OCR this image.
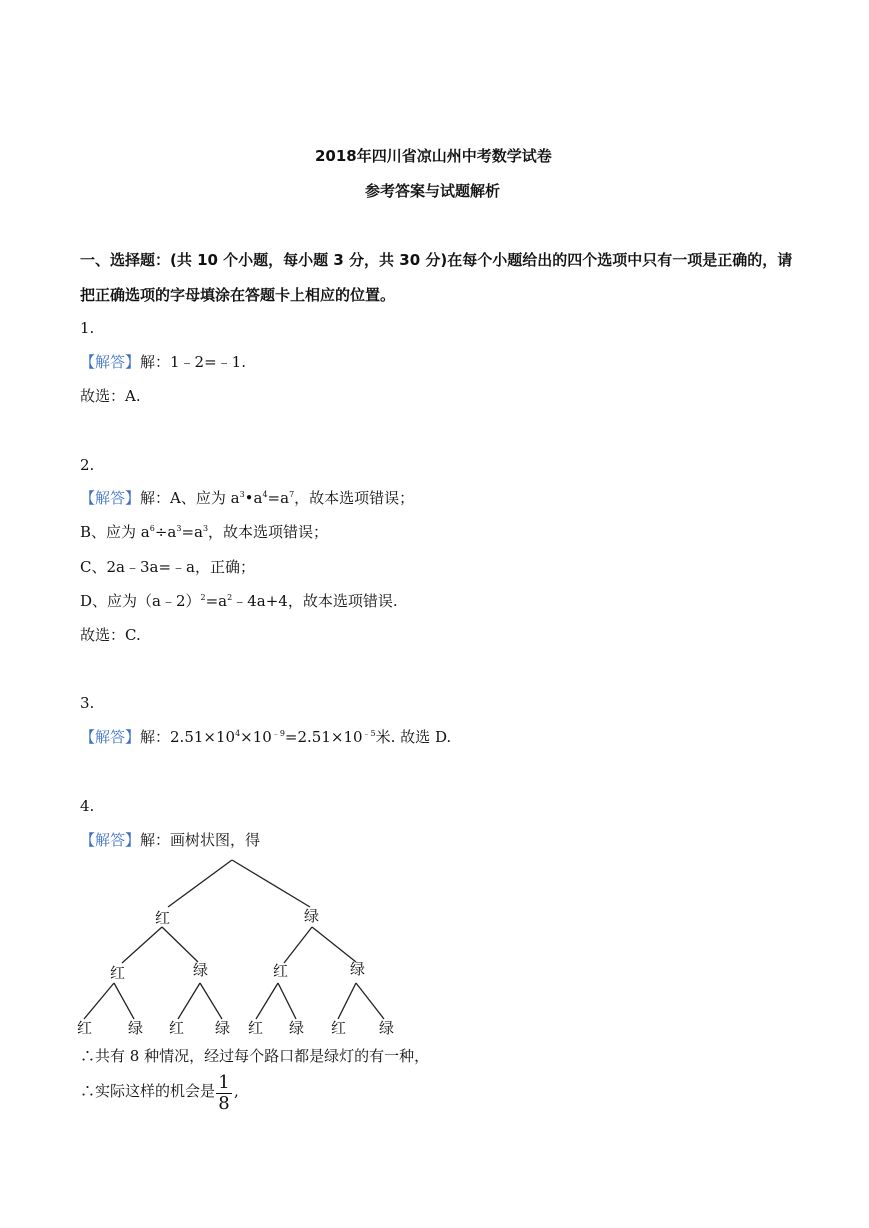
2018年四川省凉山州中考数学试卷
参考答案与试题解析
一、选择题：(共 10 个小题，每小题 3 分，共 30 分)在每个小题给出的四个选项中只有一项是正确的，请
把正确选项的字母填涂在答题卡上相应的位置。
1.
【解答】解：1﹣2=﹣1.
故选：A.
2.
【解答】解：A、应为 $a^3•a^4=a^7$，故本选项错误；
B、应为 $a^6\div a^3=a^3$，故本选项错误；
C、2a﹣3a=﹣a，正确；
D、应为$(a﹣2)^2=a^2﹣4a+4$，故本选项错误.
故选：C.
3.
【解答】解：$2.51\times 10^4\times 10^{﹣9}=2.51\times 10^{﹣5}$米. 故选 D.
4.
【解答】解：画树状图，得
红	绿
红	绿	红	绿
红 绿 红 绿 红 绿 红 绿
∴共有 8 种情况，经过每个路口都是绿灯的有一种，
∴实际这样的机会是 1
8
,
